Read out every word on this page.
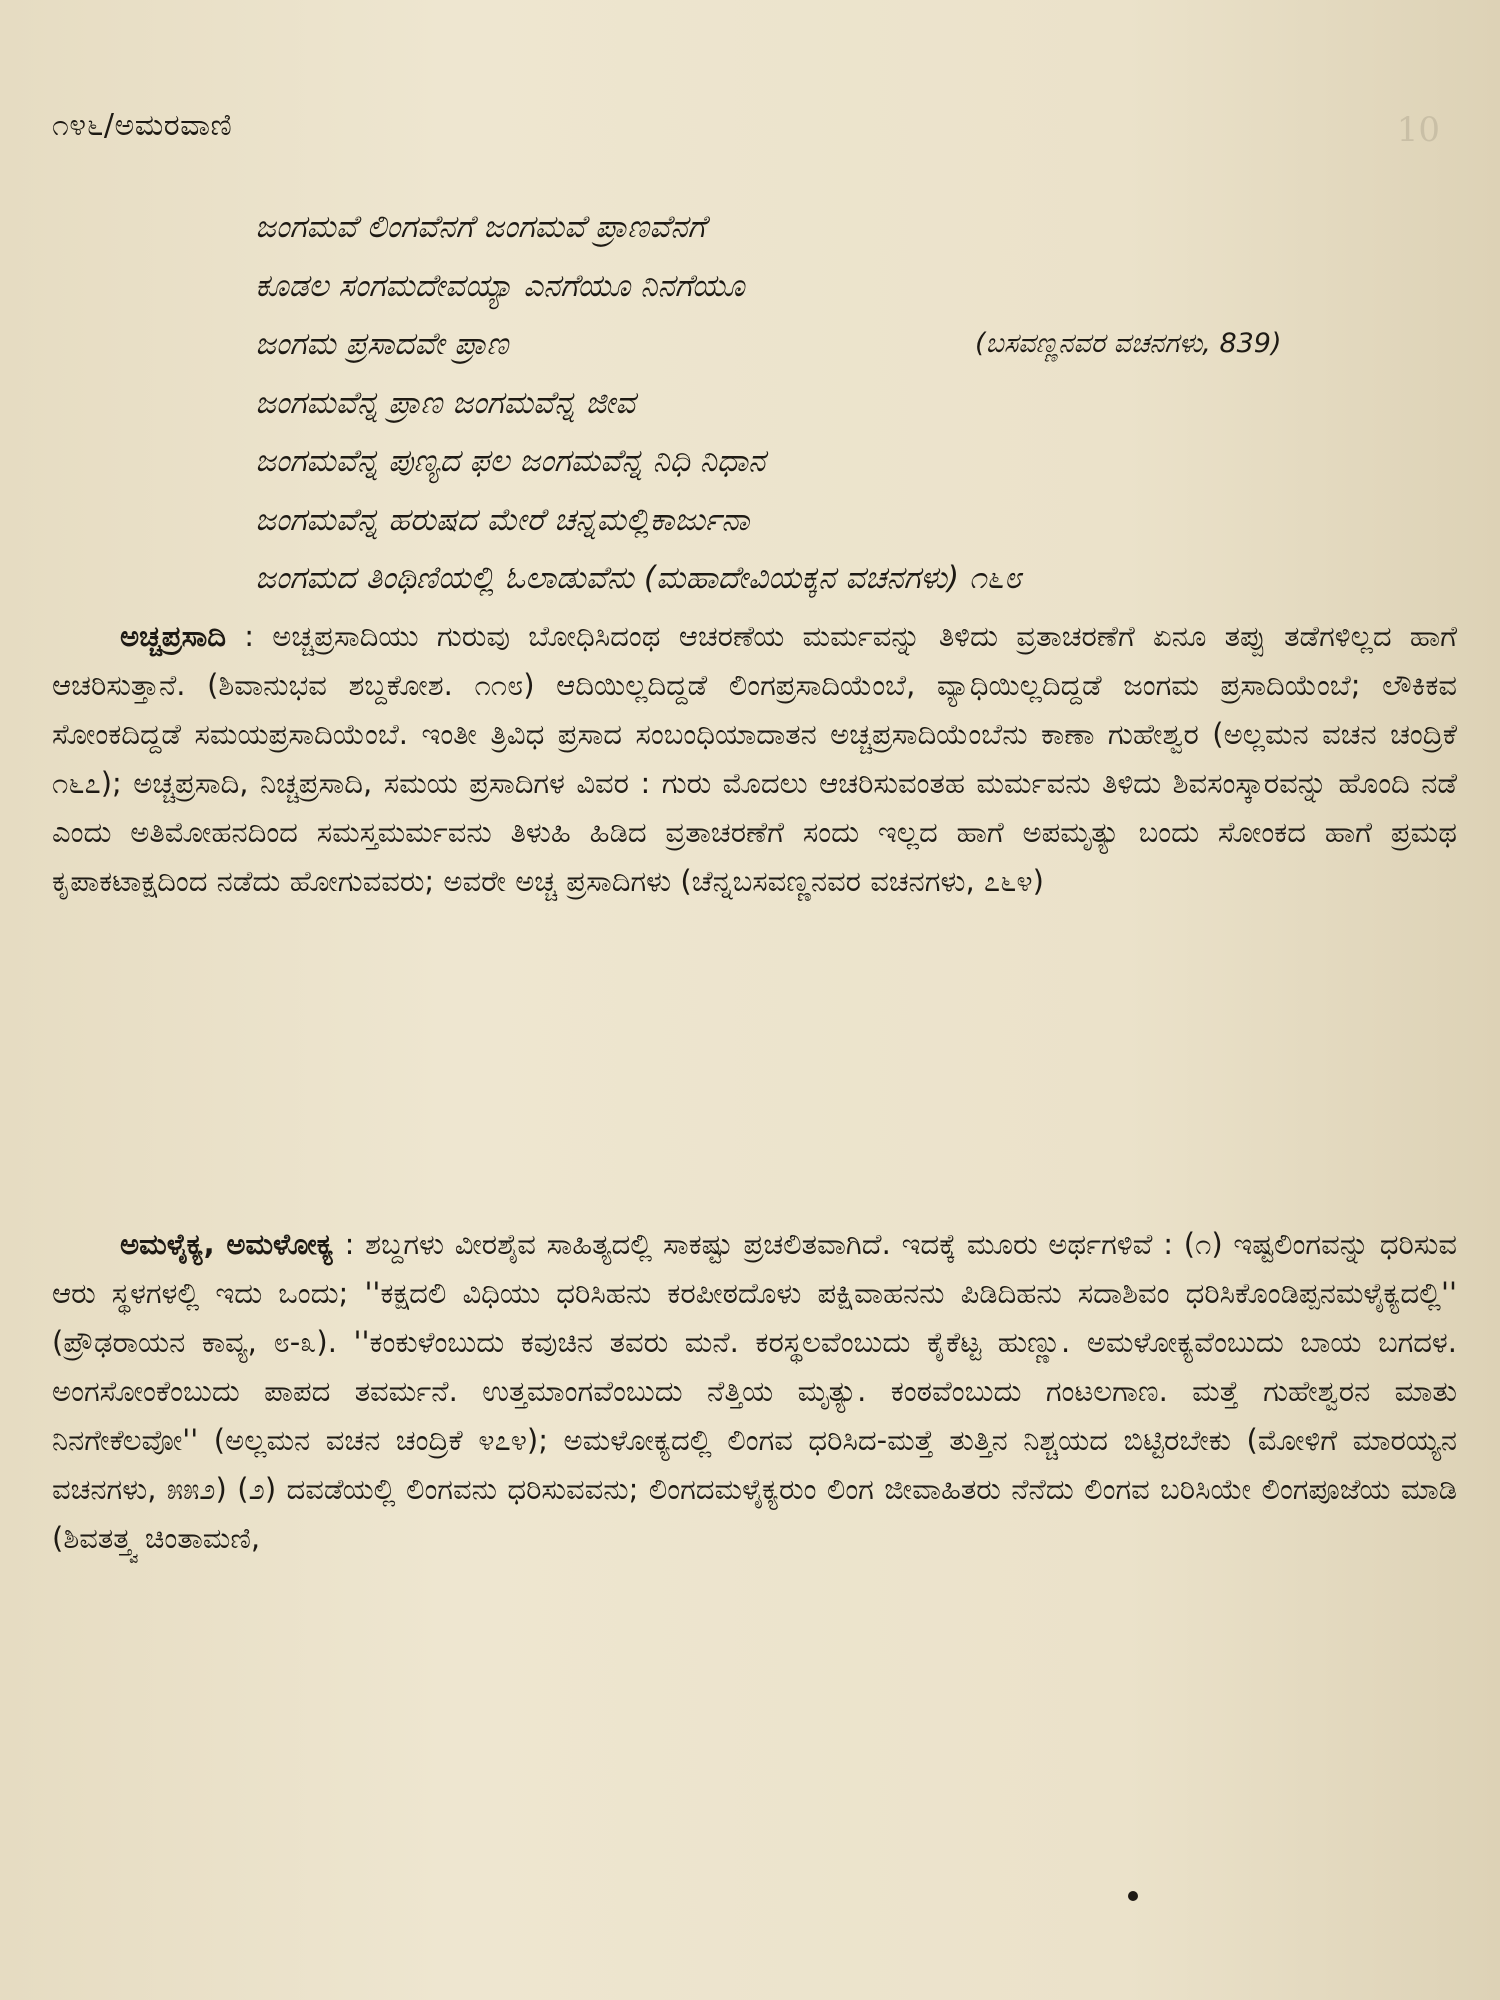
10
೧೪೬/ಅಮರವಾಣಿ
ಜಂಗಮವೆ ಲಿಂಗವೆನಗೆ ಜಂಗಮವೆ ಪ್ರಾಣವೆನಗೆ
ಕೂಡಲ ಸಂಗಮದೇವಯ್ಯಾ ಎನಗೆಯೂ ನಿನಗೆಯೂ
ಜಂಗಮ ಪ್ರಸಾದವೇ ಪ್ರಾಣ	(ಬಸವಣ್ಣನವರ ವಚನಗಳು, 839)
ಜಂಗಮವೆನ್ನ ಪ್ರಾಣ ಜಂಗಮವೆನ್ನ ಜೀವ
ಜಂಗಮವೆನ್ನ ಪುಣ್ಯದ ಫಲ ಜಂಗಮವೆನ್ನ ನಿಧಿ ನಿಧಾನ
ಜಂಗಮವೆನ್ನ ಹರುಷದ ಮೇರೆ ಚನ್ನಮಲ್ಲಿಕಾರ್ಜುನಾ
ಜಂಗಮದ ತಿಂಥಿಣಿಯಲ್ಲಿ ಓಲಾಡುವೆನು (ಮಹಾದೇವಿಯಕ್ಕನ ವಚನಗಳು) ೧೬೮
ಅಚ್ಚಪ್ರಸಾದಿ : ಅಚ್ಚಪ್ರಸಾದಿಯು ಗುರುವು ಬೋಧಿಸಿದಂಥ ಆಚರಣೆಯ ಮರ್ಮವನ್ನು ತಿಳಿದು ವ್ರತಾಚರಣೆಗೆ ಏನೂ ತಪ್ಪು ತಡೆಗಳಿಲ್ಲದ ಹಾಗೆ ಆಚರಿಸುತ್ತಾನೆ. (ಶಿವಾನುಭವ ಶಬ್ದಕೋಶ. ೧೧೮) ಆದಿಯಿಲ್ಲದಿದ್ದಡೆ ಲಿಂಗಪ್ರಸಾದಿಯೆಂಬೆ, ವ್ಯಾಧಿಯಿಲ್ಲದಿದ್ದಡೆ ಜಂಗಮ ಪ್ರಸಾದಿಯೆಂಬೆ; ಲೌಕಿಕವ ಸೋಂಕದಿದ್ದಡೆ ಸಮಯಪ್ರಸಾದಿಯೆಂಬೆ. ಇಂತೀ ತ್ರಿವಿಧ ಪ್ರಸಾದ ಸಂಬಂಧಿಯಾದಾತನ ಅಚ್ಚಪ್ರಸಾದಿಯೆಂಬೆನು ಕಾಣಾ ಗುಹೇಶ್ವರ (ಅಲ್ಲಮನ ವಚನ ಚಂದ್ರಿಕೆ ೧೬೭); ಅಚ್ಚಪ್ರಸಾದಿ, ನಿಚ್ಚಪ್ರಸಾದಿ, ಸಮಯ ಪ್ರಸಾದಿಗಳ ವಿವರ : ಗುರು ಮೊದಲು ಆಚರಿಸುವಂತಹ ಮರ್ಮವನು ತಿಳಿದು ಶಿವಸಂಸ್ಕಾರವನ್ನು ಹೊಂದಿ ನಡೆ ಎಂದು ಅತಿಮೋಹನದಿಂದ ಸಮಸ್ತಮರ್ಮವನು ತಿಳುಹಿ ಹಿಡಿದ ವ್ರತಾಚರಣೆಗೆ ಸಂದು ಇಲ್ಲದ ಹಾಗೆ ಅಪಮೃತ್ಯು ಬಂದು ಸೋಂಕದ ಹಾಗೆ ಪ್ರಮಥ ಕೃಪಾಕಟಾಕ್ಷದಿಂದ ನಡೆದು ಹೋಗುವವರು; ಅವರೇ ಅಚ್ಚ ಪ್ರಸಾದಿಗಳು (ಚೆನ್ನಬಸವಣ್ಣನವರ ವಚನಗಳು, ೭೬೪)
ಅಮಳೈಕ್ಯ, ಅಮಳೋಕ್ಯ : ಶಬ್ದಗಳು ವೀರಶೈವ ಸಾಹಿತ್ಯದಲ್ಲಿ ಸಾಕಷ್ಟು ಪ್ರಚಲಿತವಾಗಿದೆ. ಇದಕ್ಕೆ ಮೂರು ಅರ್ಥಗಳಿವೆ : (೧) ಇಷ್ಟಲಿಂಗವನ್ನು ಧರಿಸುವ ಆರು ಸ್ಥಳಗಳಲ್ಲಿ ಇದು ಒಂದು; ''ಕಕ್ಷದಲಿ ವಿಧಿಯು ಧರಿಸಿಹನು ಕರಪೀಠದೊಳು ಪಕ್ಷಿವಾಹನನು ಪಿಡಿದಿಹನು ಸದಾಶಿವಂ ಧರಿಸಿಕೊಂಡಿಪ್ಪನಮಳೈಕ್ಯದಲ್ಲಿ'' (ಪ್ರೌಢರಾಯನ ಕಾವ್ಯ, ೮-೩). ''ಕಂಕುಳೆಂಬುದು ಕವುಚಿನ ತವರು ಮನೆ. ಕರಸ್ಥಲವೆಂಬುದು ಕೈಕೆಟ್ಟ ಹುಣ್ಣು. ಅಮಳೋಕ್ಯವೆಂಬುದು ಬಾಯ ಬಗದಳ. ಅಂಗಸೋಂಕೆಂಬುದು ಪಾಪದ ತವರ್ಮನೆ. ಉತ್ತಮಾಂಗವೆಂಬುದು ನೆತ್ತಿಯ ಮೃತ್ಯು. ಕಂಠವೆಂಬುದು ಗಂಟಲಗಾಣ. ಮತ್ತೆ ಗುಹೇಶ್ವರನ ಮಾತು ನಿನಗೇಕೆಲವೋ'' (ಅಲ್ಲಮನ ವಚನ ಚಂದ್ರಿಕೆ ೪೭೪); ಅಮಳೋಕ್ಯದಲ್ಲಿ ಲಿಂಗವ ಧರಿಸಿದ-ಮತ್ತೆ ತುತ್ತಿನ ನಿಶ್ಚಯದ ಬಿಟ್ಟಿರಬೇಕು (ಮೋಳಿಗೆ ಮಾರಯ್ಯನ ವಚನಗಳು, ೫೫೨) (೨) ದವಡೆಯಲ್ಲಿ ಲಿಂಗವನು ಧರಿಸುವವನು; ಲಿಂಗದಮಳೈಕ್ಯರುಂ ಲಿಂಗ ಜೀವಾಹಿತರು ನೆನೆದು ಲಿಂಗವ ಬರಿಸಿಯೇ ಲಿಂಗಪೂಜೆಯ ಮಾಡಿ (ಶಿವತತ್ತ್ವ ಚಿಂತಾಮಣಿ,
